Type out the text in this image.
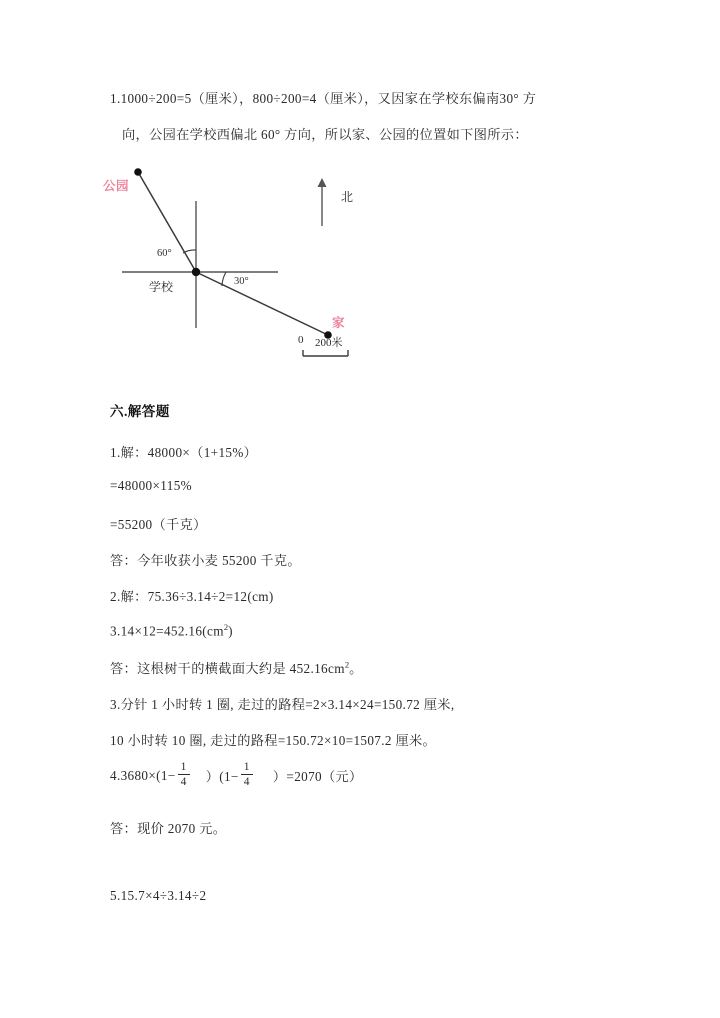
1.1000÷200=5（厘米），800÷200=4（厘米），又因家在学校东偏南30° 方
向，公园在学校西偏北 60° 方向，所以家、公园的位置如下图所示：
公园
学校
家
北
60°
30°
0 200米
六.解答题
1.解：48000×（1+15%）
=48000×115%
=55200（千克）
答：今年收获小麦 55200 千克。
2.解：75.36÷3.14÷2=12(cm)
$3.14\times 12=452.16(cm^2)$
答：这根树干的横截面大约是 $452.16cm^2$。
3.分针 1 小时转 1 圈, 走过的路程=2×3.14×24=150.72 厘米,
10 小时转 10 圈, 走过的路程=150.72×10=1507.2 厘米。
$4.3680\times(1- \frac{1}{4} )(1- \frac{1}{4} )=2070$（元）
答：现价 2070 元。
5.15.7×4÷3.14÷2
